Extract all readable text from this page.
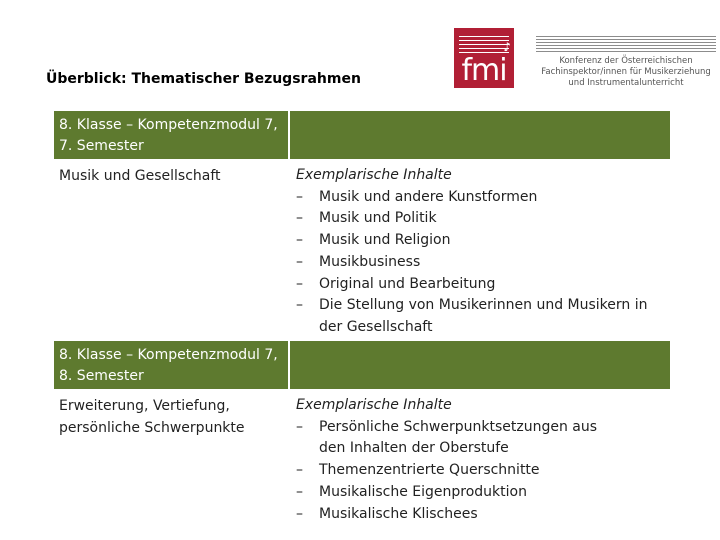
Überblick: Thematischer Bezugsrahmen
♪
fmi	Konferenz der Österreichischen
Fachinspektor/innen für Musikerziehung
und Instrumentalunterricht
8. Klasse – Kompetenzmodul 7, 7. Semester
Musik und Gesellschaft	Exemplarische Inhalte
– Musik und andere Kunstformen
– Musik und Politik
– Musik und Religion
– Musikbusiness
– Original und Bearbeitung
– Die Stellung von Musikerinnen und Musikern in der Gesellschaft
8. Klasse – Kompetenzmodul 7, 8. Semester
Erweiterung, Vertiefung, persönliche Schwerpunkte
Exemplarische Inhalte
– Persönliche Schwerpunktsetzungen aus den Inhalten der Oberstufe
– Themenzentrierte Querschnitte
– Musikalische Eigenproduktion
– Musikalische Klischees
